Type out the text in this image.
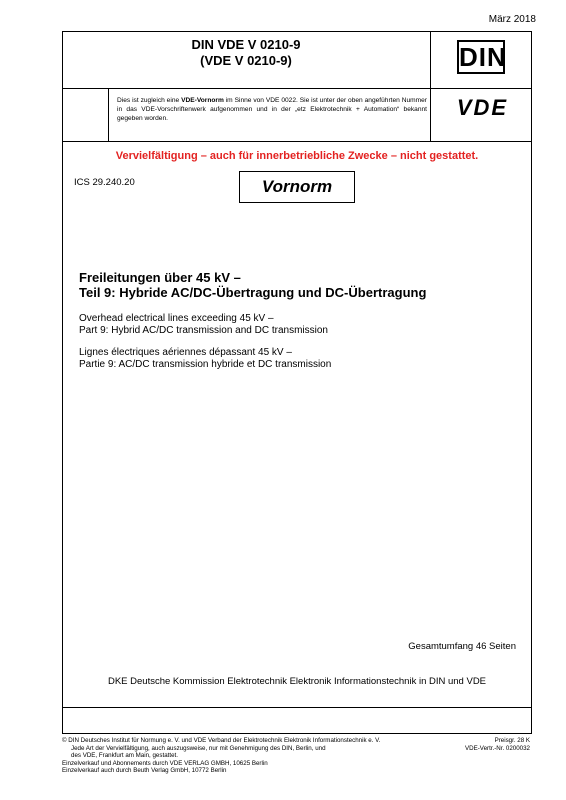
März 2018
DIN VDE V 0210-9
(VDE V 0210-9)	DIN
Dies ist zugleich eine VDE-Vornorm im Sinne von VDE 0022. Sie ist unter der oben angeführten Nummer in das VDE-Vorschriftenwerk aufgenommen und in der „etz Elektrotechnik + Automation“ bekannt gegeben worden.	VDE
Vervielfältigung – auch für innerbetriebliche Zwecke – nicht gestattet.
ICS 29.240.20	Vornorm
Freileitungen über 45 kV –
Teil 9: Hybride AC/DC-Übertragung und DC-Übertragung
Overhead electrical lines exceeding 45 kV –
Part 9: Hybrid AC/DC transmission and DC transmission
Lignes électriques aériennes dépassant 45 kV –
Partie 9: AC/DC transmission hybride et DC transmission
Gesamtumfang 46 Seiten
DKE Deutsche Kommission Elektrotechnik Elektronik Informationstechnik in DIN und VDE
© DIN Deutsches Institut für Normung e. V. und VDE Verband der Elektrotechnik Elektronik Informationstechnik e. V.
Jede Art der Vervielfältigung, auch auszugsweise, nur mit Genehmigung des DIN, Berlin, und
des VDE, Frankfurt am Main, gestattet.
Einzelverkauf und Abonnements durch VDE VERLAG GMBH, 10625 Berlin
Einzelverkauf auch durch Beuth Verlag GmbH, 10772 Berlin
Preisgr. 28 K
VDE-Vertr.-Nr. 0200032
